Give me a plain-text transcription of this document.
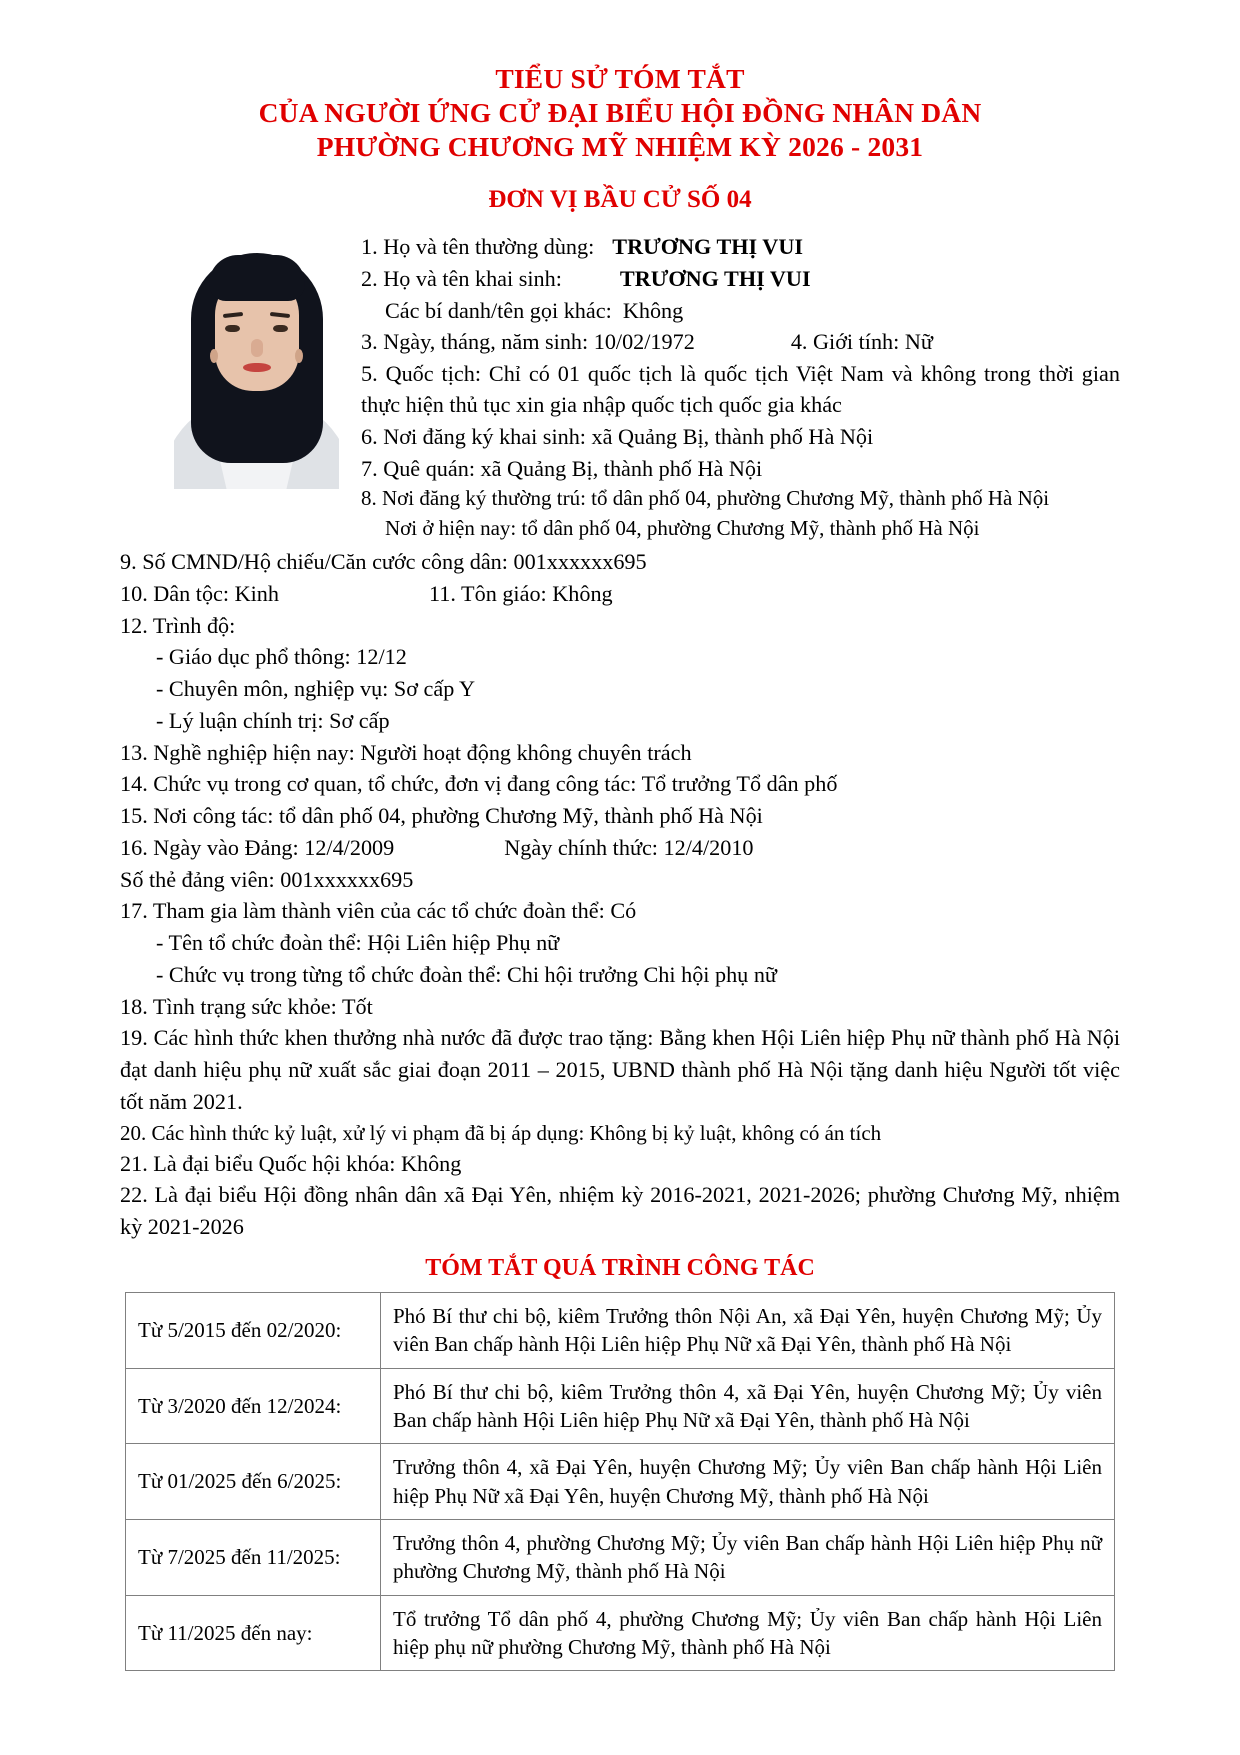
TIỂU SỬ TÓM TẮT
CỦA NGƯỜI ỨNG CỬ ĐẠI BIỂU HỘI ĐỒNG NHÂN DÂN
PHƯỜNG CHƯƠNG MỸ NHIỆM KỲ 2026 - 2031
ĐƠN VỊ BẦU CỬ SỐ 04
1. Họ và tên thường dùng: TRƯƠNG THỊ VUI
2. Họ và tên khai sinh:	TRƯƠNG THỊ VUI
Các bí danh/tên gọi khác: Không
3. Ngày, tháng, năm sinh: 10/02/1972	4. Giới tính: Nữ
5. Quốc tịch: Chỉ có 01 quốc tịch là quốc tịch Việt Nam và không trong thời gian thực hiện thủ tục xin gia nhập quốc tịch quốc gia khác
6. Nơi đăng ký khai sinh: xã Quảng Bị, thành phố Hà Nội
7. Quê quán: xã Quảng Bị, thành phố Hà Nội
8. Nơi đăng ký thường trú: tổ dân phố 04, phường Chương Mỹ, thành phố Hà Nội
Nơi ở hiện nay: tổ dân phố 04, phường Chương Mỹ, thành phố Hà Nội
9. Số CMND/Hộ chiếu/Căn cước công dân: 001xxxxxx695
10. Dân tộc: Kinh	11. Tôn giáo: Không
12. Trình độ:
- Giáo dục phổ thông: 12/12
- Chuyên môn, nghiệp vụ: Sơ cấp Y
- Lý luận chính trị: Sơ cấp
13. Nghề nghiệp hiện nay: Người hoạt động không chuyên trách
14. Chức vụ trong cơ quan, tổ chức, đơn vị đang công tác: Tổ trưởng Tổ dân phố
15. Nơi công tác: tổ dân phố 04, phường Chương Mỹ, thành phố Hà Nội
16. Ngày vào Đảng: 12/4/2009	Ngày chính thức: 12/4/2010
Số thẻ đảng viên: 001xxxxxx695
17. Tham gia làm thành viên của các tổ chức đoàn thể: Có
- Tên tổ chức đoàn thể: Hội Liên hiệp Phụ nữ
- Chức vụ trong từng tổ chức đoàn thể: Chi hội trưởng Chi hội phụ nữ
18. Tình trạng sức khỏe: Tốt
19. Các hình thức khen thưởng nhà nước đã được trao tặng: Bằng khen Hội Liên hiệp Phụ nữ thành phố Hà Nội đạt danh hiệu phụ nữ xuất sắc giai đoạn 2011 – 2015, UBND thành phố Hà Nội tặng danh hiệu Người tốt việc tốt năm 2021.
20. Các hình thức kỷ luật, xử lý vi phạm đã bị áp dụng: Không bị kỷ luật, không có án tích
21. Là đại biểu Quốc hội khóa: Không
22. Là đại biểu Hội đồng nhân dân xã Đại Yên, nhiệm kỳ 2016-2021, 2021-2026; phường Chương Mỹ, nhiệm kỳ 2021-2026
TÓM TẮT QUÁ TRÌNH CÔNG TÁC
Từ 5/2015 đến 02/2020:	Phó Bí thư chi bộ, kiêm Trưởng thôn Nội An, xã Đại Yên, huyện Chương Mỹ; Ủy viên Ban chấp hành Hội Liên hiệp Phụ Nữ xã Đại Yên, thành phố Hà Nội
Từ 3/2020 đến 12/2024:	Phó Bí thư chi bộ, kiêm Trưởng thôn 4, xã Đại Yên, huyện Chương Mỹ; Ủy viên Ban chấp hành Hội Liên hiệp Phụ Nữ xã Đại Yên, thành phố Hà Nội
Từ 01/2025 đến 6/2025:	Trưởng thôn 4, xã Đại Yên, huyện Chương Mỹ; Ủy viên Ban chấp hành Hội Liên hiệp Phụ Nữ xã Đại Yên, huyện Chương Mỹ, thành phố Hà Nội
Từ 7/2025 đến 11/2025:	Trưởng thôn 4, phường Chương Mỹ; Ủy viên Ban chấp hành Hội Liên hiệp Phụ nữ phường Chương Mỹ, thành phố Hà Nội
Từ 11/2025 đến nay:	Tổ trưởng Tổ dân phố 4, phường Chương Mỹ; Ủy viên Ban chấp hành Hội Liên hiệp phụ nữ phường Chương Mỹ, thành phố Hà Nội
